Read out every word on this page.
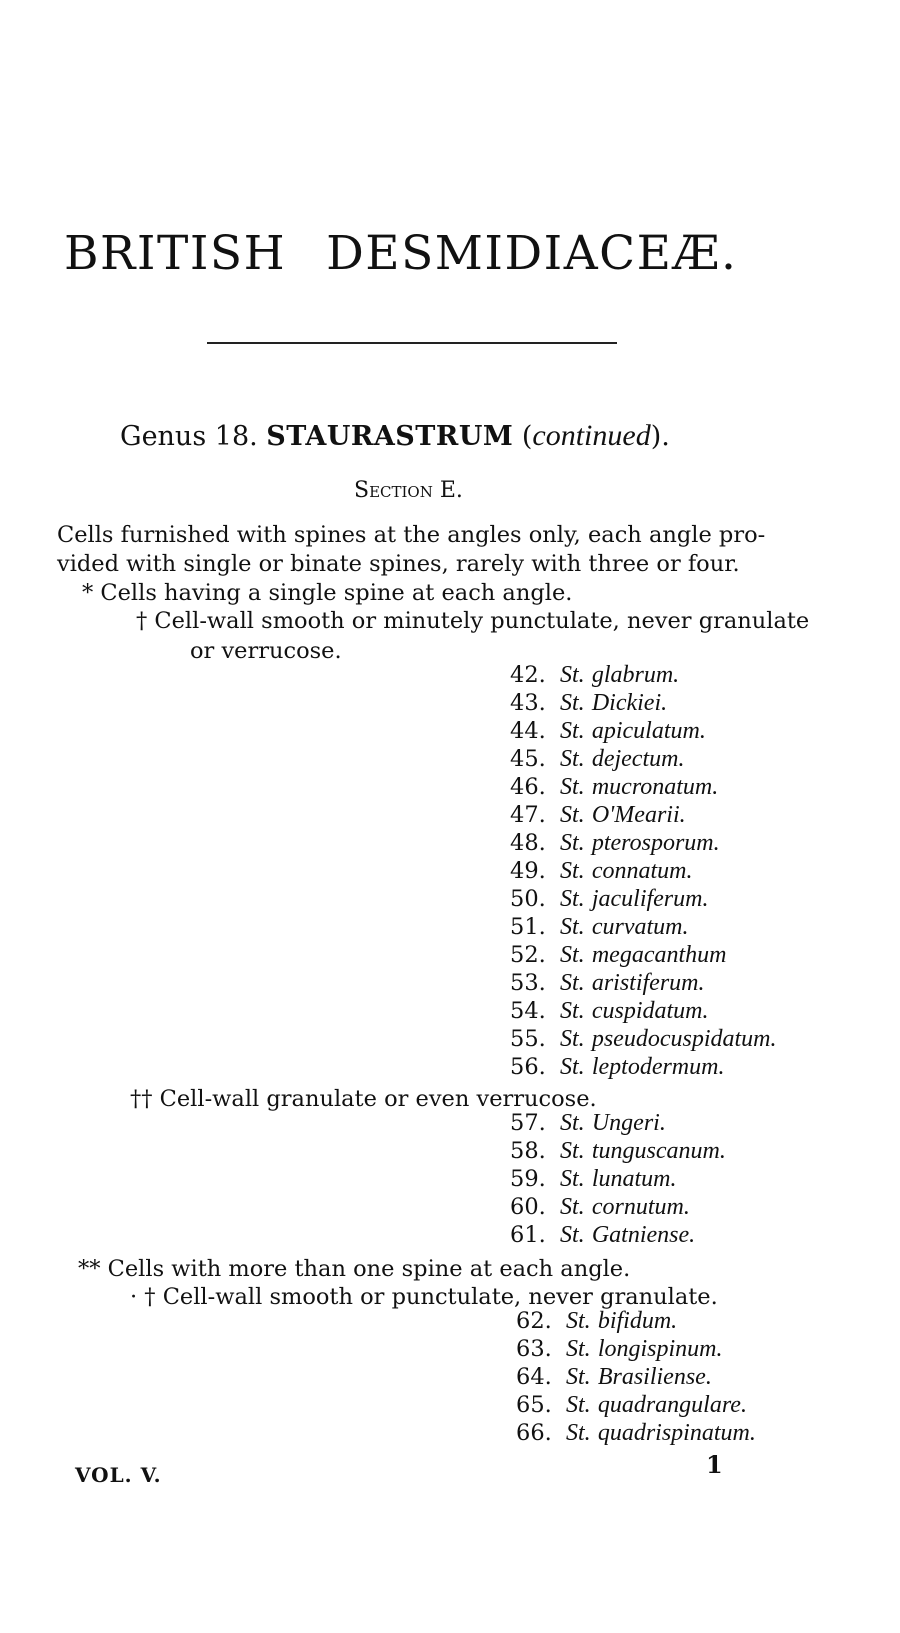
BRITISH DESMIDIACEÆ.
Genus 18. STAURASTRUM (continued).
Section E.
Cells furnished with spines at the angles only, each angle pro-
vided with single or binate spines, rarely with three or four.
* Cells having a single spine at each angle.
† Cell-wall smooth or minutely punctulate, never granulate
or verrucose.
†† Cell-wall granulate or even verrucose.
** Cells with more than one spine at each angle.
· † Cell-wall smooth or punctulate, never granulate.
42. St. glabrum.
43. St. Dickiei.
44. St. apiculatum.
45. St. dejectum.
46. St. mucronatum.
47. St. O'Mearii.
48. St. pterosporum.
49. St. connatum.
50. St. jaculiferum.
51. St. curvatum.
52. St. megacanthum
53. St. aristiferum.
54. St. cuspidatum.
55. St. pseudocuspidatum.
56. St. leptodermum.
57. St. Ungeri.
58. St. tunguscanum.
59. St. lunatum.
60. St. cornutum.
61. St. Gatniense.
62. St. bifidum.
63. St. longispinum.
64. St. Brasiliense.
65. St. quadrangulare.
66. St. quadrispinatum.
VOL. V.	1
